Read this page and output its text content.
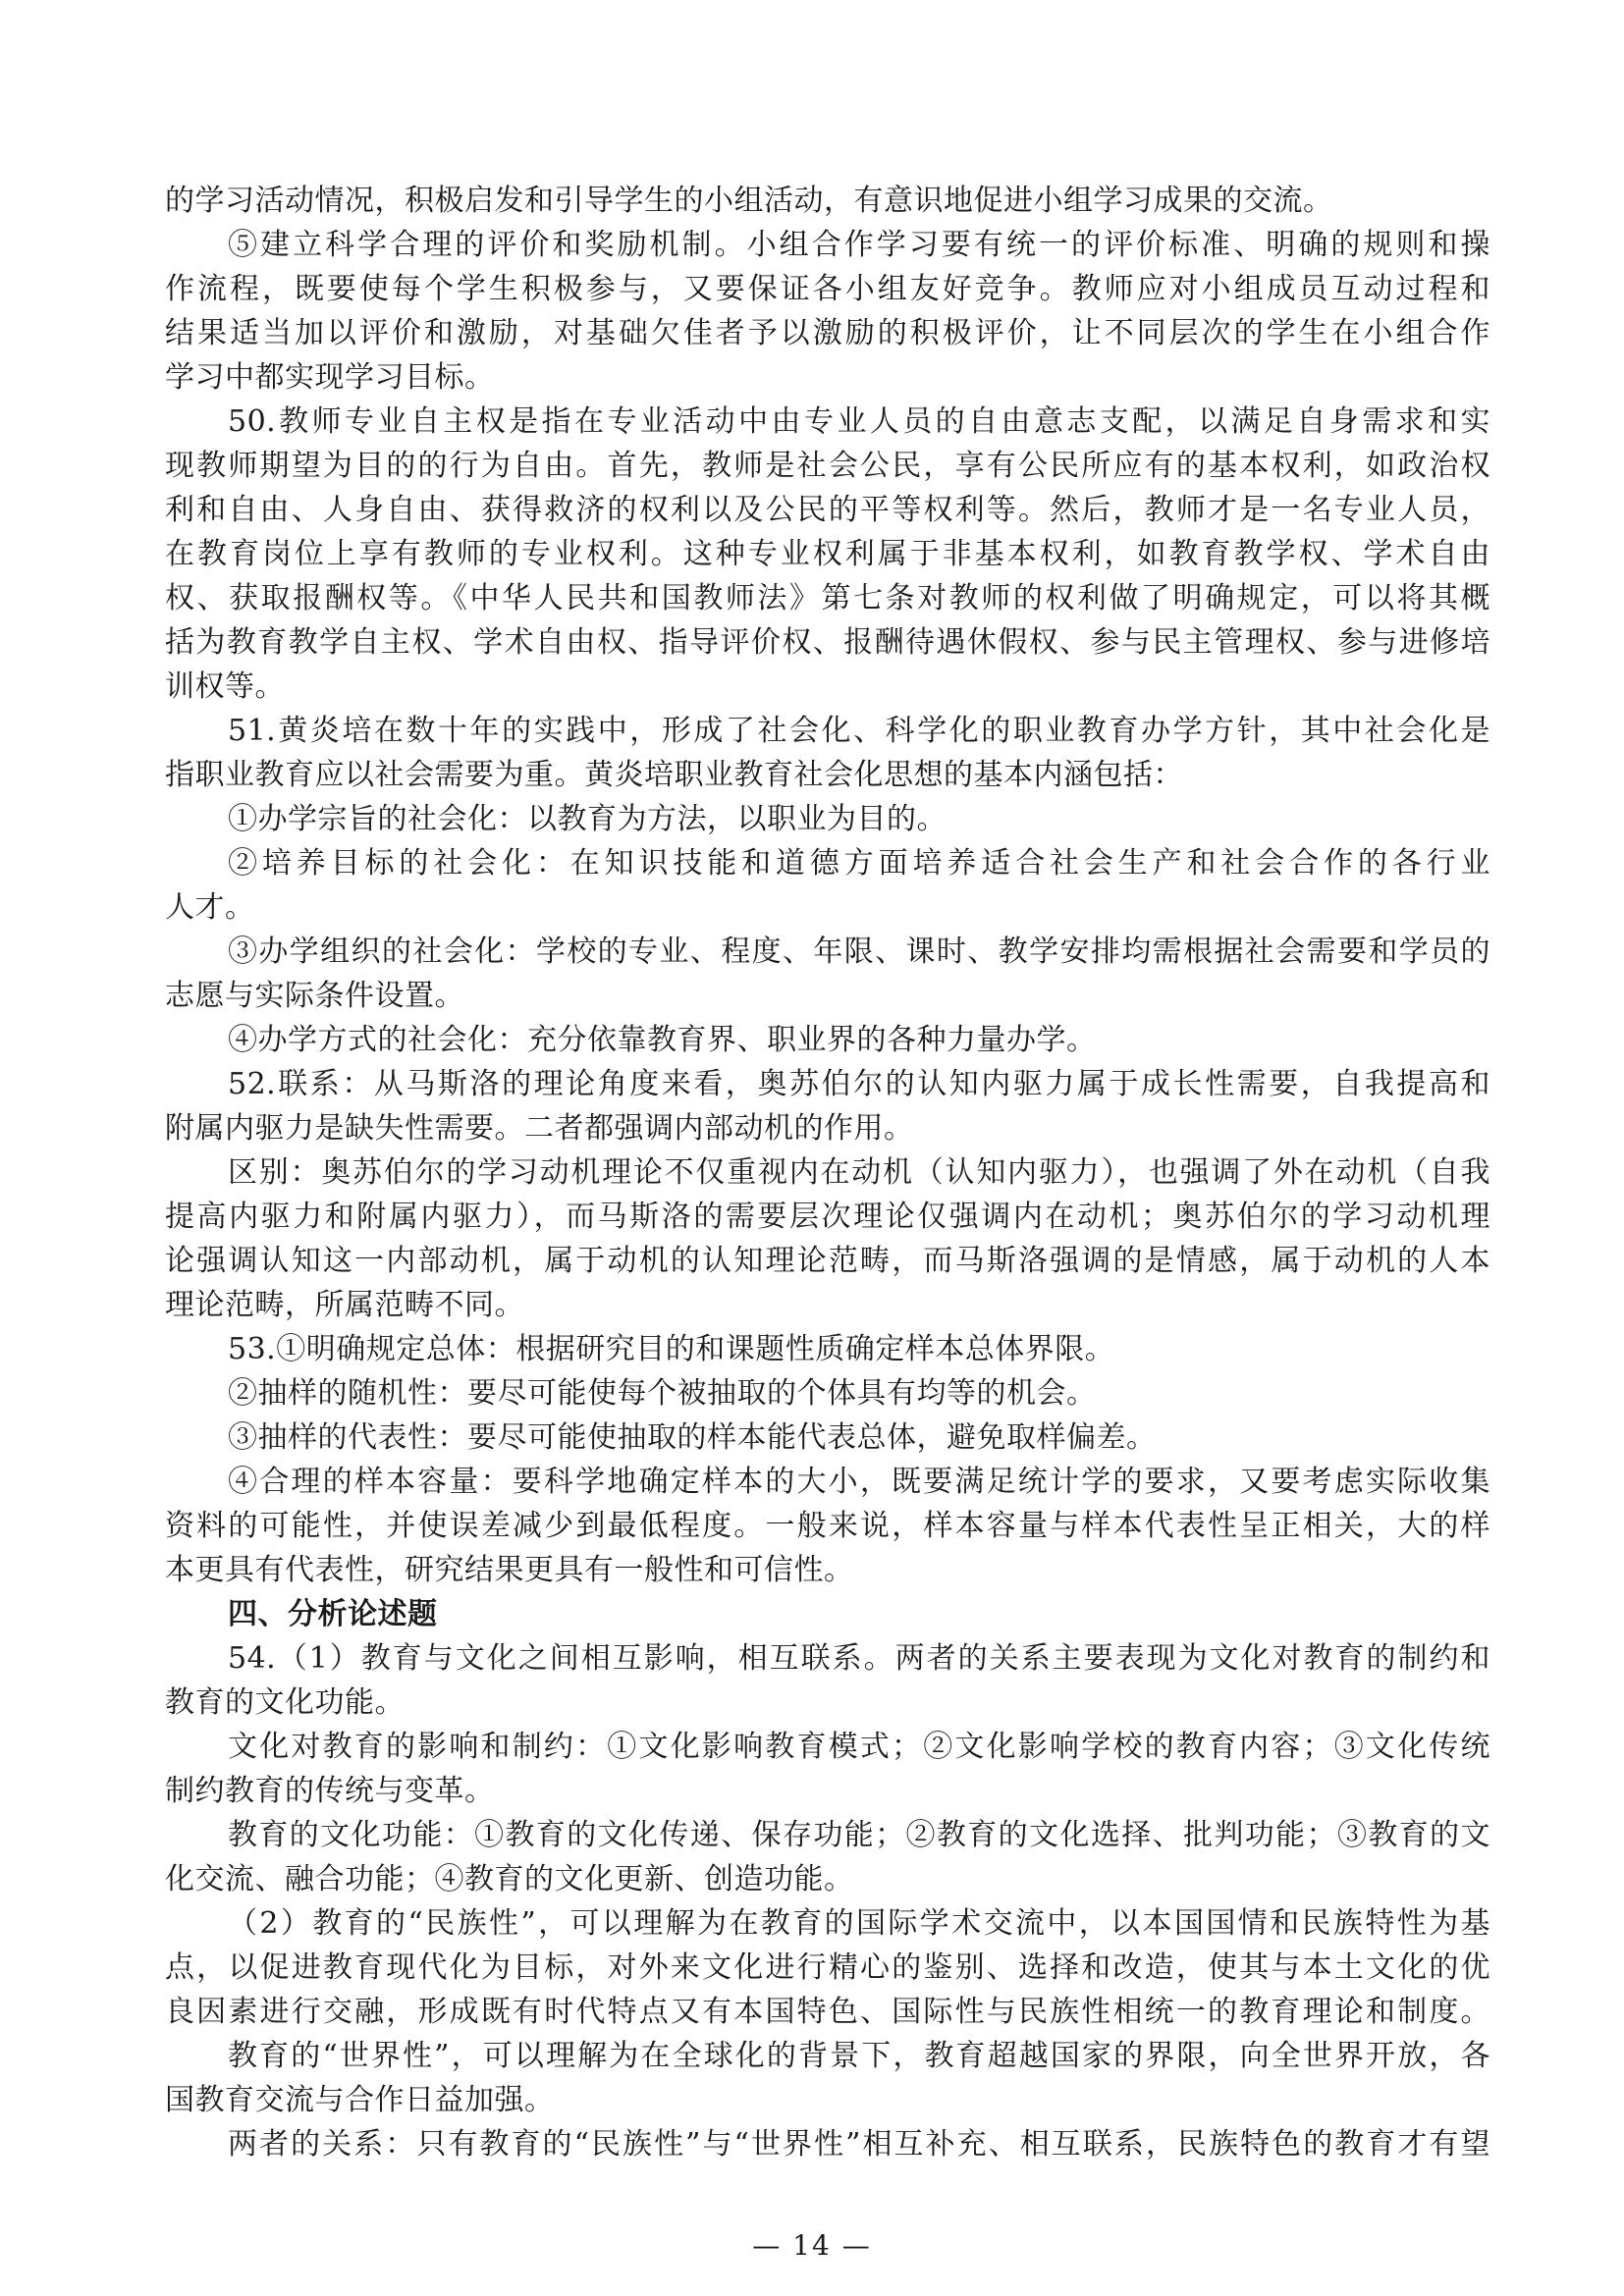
的学习活动情况，积极启发和引导学生的小组活动，有意识地促进小组学习成果的交流。
⑤建立科学合理的评价和奖励机制。小组合作学习要有统一的评价标准、明确的规则和操
作流程，既要使每个学生积极参与，又要保证各小组友好竞争。教师应对小组成员互动过程和
结果适当加以评价和激励，对基础欠佳者予以激励的积极评价，让不同层次的学生在小组合作
学习中都实现学习目标。
50.教师专业自主权是指在专业活动中由专业人员的自由意志支配，以满足自身需求和实
现教师期望为目的的行为自由。首先，教师是社会公民，享有公民所应有的基本权利，如政治权
利和自由、人身自由、获得救济的权利以及公民的平等权利等。然后，教师才是一名专业人员，
在教育岗位上享有教师的专业权利。这种专业权利属于非基本权利，如教育教学权、学术自由
权、获取报酬权等。《中华人民共和国教师法》第七条对教师的权利做了明确规定，可以将其概
括为教育教学自主权、学术自由权、指导评价权、报酬待遇休假权、参与民主管理权、参与进修培
训权等。
51.黄炎培在数十年的实践中，形成了社会化、科学化的职业教育办学方针，其中社会化是
指职业教育应以社会需要为重。黄炎培职业教育社会化思想的基本内涵包括：
①办学宗旨的社会化：以教育为方法，以职业为目的。
②培养目标的社会化：在知识技能和道德方面培养适合社会生产和社会合作的各行业
人才。
③办学组织的社会化：学校的专业、程度、年限、课时、教学安排均需根据社会需要和学员的
志愿与实际条件设置。
④办学方式的社会化：充分依靠教育界、职业界的各种力量办学。
52.联系：从马斯洛的理论角度来看，奥苏伯尔的认知内驱力属于成长性需要，自我提高和
附属内驱力是缺失性需要。二者都强调内部动机的作用。
区别：奥苏伯尔的学习动机理论不仅重视内在动机（认知内驱力），也强调了外在动机（自我
提高内驱力和附属内驱力），而马斯洛的需要层次理论仅强调内在动机；奥苏伯尔的学习动机理
论强调认知这一内部动机，属于动机的认知理论范畴，而马斯洛强调的是情感，属于动机的人本
理论范畴，所属范畴不同。
53.①明确规定总体：根据研究目的和课题性质确定样本总体界限。
②抽样的随机性：要尽可能使每个被抽取的个体具有均等的机会。
③抽样的代表性：要尽可能使抽取的样本能代表总体，避免取样偏差。
④合理的样本容量：要科学地确定样本的大小，既要满足统计学的要求，又要考虑实际收集
资料的可能性，并使误差减少到最低程度。一般来说，样本容量与样本代表性呈正相关，大的样
本更具有代表性，研究结果更具有一般性和可信性。
四、分析论述题
54.（1）教育与文化之间相互影响，相互联系。两者的关系主要表现为文化对教育的制约和
教育的文化功能。
文化对教育的影响和制约：①文化影响教育模式；②文化影响学校的教育内容；③文化传统
制约教育的传统与变革。
教育的文化功能：①教育的文化传递、保存功能；②教育的文化选择、批判功能；③教育的文
化交流、融合功能；④教育的文化更新、创造功能。
（2）教育的“民族性”，可以理解为在教育的国际学术交流中，以本国国情和民族特性为基
点，以促进教育现代化为目标，对外来文化进行精心的鉴别、选择和改造，使其与本土文化的优
良因素进行交融，形成既有时代特点又有本国特色、国际性与民族性相统一的教育理论和制度。
教育的“世界性”，可以理解为在全球化的背景下，教育超越国家的界限，向全世界开放，各
国教育交流与合作日益加强。
两者的关系：只有教育的“民族性”与“世界性”相互补充、相互联系，民族特色的教育才有望
— 14 —
